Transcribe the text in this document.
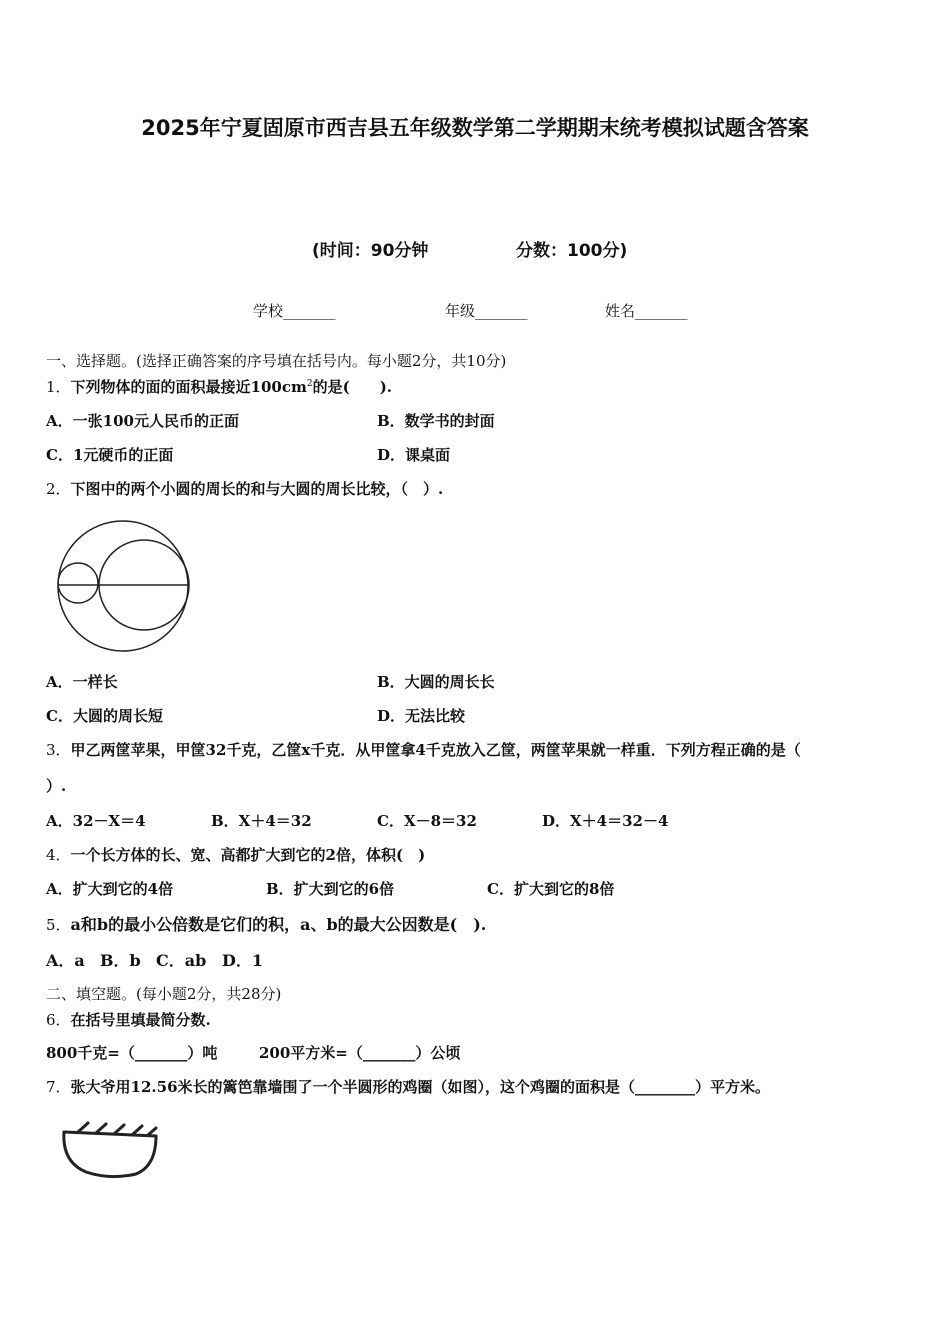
2025年宁夏固原市西吉县五年级数学第二学期期末统考模拟试题含答案
(时间：90分钟	分数：100分)
学校_______	年级_______	姓名_______
一、选择题。(选择正确答案的序号填在括号内。每小题2分，共10分)
1．下列物体的面的面积最接近$100cm^2$的是(　　).
A．一张100元人民币的正面	B．数学书的封面
C．1元硬币的正面	D．课桌面
2．下图中的两个小圆的周长的和与大圆的周长比较，（　）.
A．一样长	B．大圆的周长长
C．大圆的周长短	D．无法比较
3．甲乙两筐苹果，甲筐32千克，乙筐x千克．从甲筐拿4千克放入乙筐，两筐苹果就一样重．下列方程正确的是（
）.
A．32－X＝4	B．X＋4＝32	C．X－8＝32	D．X＋4＝32－4
4．一个长方体的长、宽、高都扩大到它的2倍，体积(　)
A．扩大到它的4倍	B．扩大到它的6倍	C．扩大到它的8倍
5．a和b的最小公倍数是它们的积，a、b的最大公因数是(　).
A．a B．b C．ab D．1
二、填空题。(每小题2分，共28分)
6．在括号里填最简分数.
800千克=（_______）吨	200平方米=（_______）公顷
7．张大爷用12.56米长的篱笆靠墙围了一个半圆形的鸡圈（如图），这个鸡圈的面积是（________）平方米。
